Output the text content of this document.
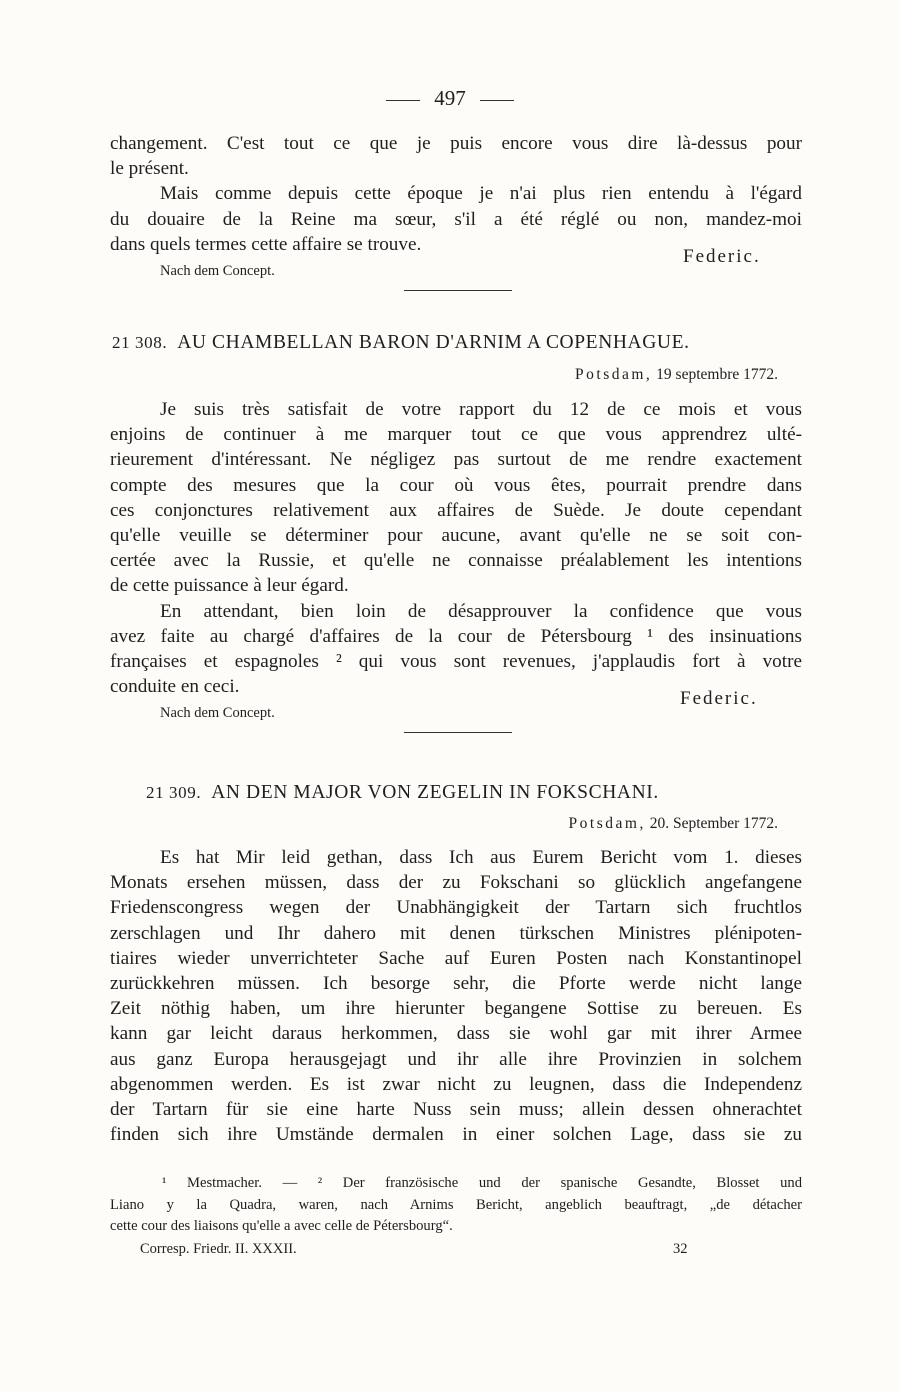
497
changement. C'est tout ce que je puis encore vous dire là-dessus pour
le présent.
Mais comme depuis cette époque je n'ai plus rien entendu à l'égard
du douaire de la Reine ma sœur, s'il a été réglé ou non, mandez-moi
dans quels termes cette affaire se trouve.
Federic.
Nach dem Concept.
21 308. AU CHAMBELLAN BARON D'ARNIM A COPENHAGUE.
Potsdam, 19 septembre 1772.
Je suis très satisfait de votre rapport du 12 de ce mois et vous
enjoins de continuer à me marquer tout ce que vous apprendrez ulté-
rieurement d'intéressant. Ne négligez pas surtout de me rendre exactement
compte des mesures que la cour où vous êtes, pourrait prendre dans
ces conjonctures relativement aux affaires de Suède. Je doute cependant
qu'elle veuille se déterminer pour aucune, avant qu'elle ne se soit con-
certée avec la Russie, et qu'elle ne connaisse préalablement les intentions
de cette puissance à leur égard.
En attendant, bien loin de désapprouver la confidence que vous
avez faite au chargé d'affaires de la cour de Pétersbourg ¹ des insinuations
françaises et espagnoles ² qui vous sont revenues, j'applaudis fort à votre
conduite en ceci.
Federic.
Nach dem Concept.
21 309. AN DEN MAJOR VON ZEGELIN IN FOKSCHANI.
Potsdam, 20. September 1772.
Es hat Mir leid gethan, dass Ich aus Eurem Bericht vom 1. dieses
Monats ersehen müssen, dass der zu Fokschani so glücklich angefangene
Friedenscongress wegen der Unabhängigkeit der Tartarn sich fruchtlos
zerschlagen und Ihr dahero mit denen türkschen Ministres plénipoten-
tiaires wieder unverrichteter Sache auf Euren Posten nach Konstantinopel
zurückkehren müssen. Ich besorge sehr, die Pforte werde nicht lange
Zeit nöthig haben, um ihre hierunter begangene Sottise zu bereuen. Es
kann gar leicht daraus herkommen, dass sie wohl gar mit ihrer Armee
aus ganz Europa herausgejagt und ihr alle ihre Provinzien in solchem
abgenommen werden. Es ist zwar nicht zu leugnen, dass die Independenz
der Tartarn für sie eine harte Nuss sein muss; allein dessen ohnerachtet
finden sich ihre Umstände dermalen in einer solchen Lage, dass sie zu
¹ Mestmacher. — ² Der französische und der spanische Gesandte, Blosset und
Liano y la Quadra, waren, nach Arnims Bericht, angeblich beauftragt, „de détacher
cette cour des liaisons qu'elle a avec celle de Pétersbourg“.
Corresp. Friedr. II. XXXII.	32
